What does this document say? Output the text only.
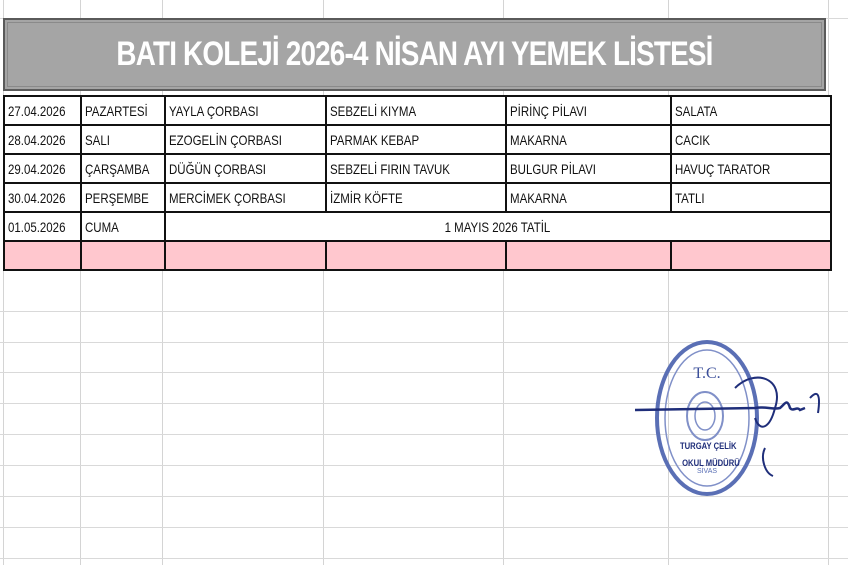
BATI KOLEJİ 2026-4 NİSAN AYI YEMEK LİSTESİ
27.04.2026	PAZARTESİ	YAYLA ÇORBASI	SEBZELİ KIYMA	PİRİNÇ PİLAVI	SALATA
28.04.2026	SALI	EZOGELİN ÇORBASI	PARMAK KEBAP	MAKARNA	CACIK
29.04.2026	ÇARŞAMBA	DÜĞÜN ÇORBASI	SEBZELİ FIRIN TAVUK	BULGUR PİLAVI	HAVUÇ TARATOR
30.04.2026	PERŞEMBE	MERCİMEK ÇORBASI	İZMİR KÖFTE	MAKARNA	TATLI
01.05.2026	CUMA	1 MAYIS 2026 TATİL			

T.C.
SİVAS
TURGAY ÇELİK
OKUL MÜDÜRÜ
